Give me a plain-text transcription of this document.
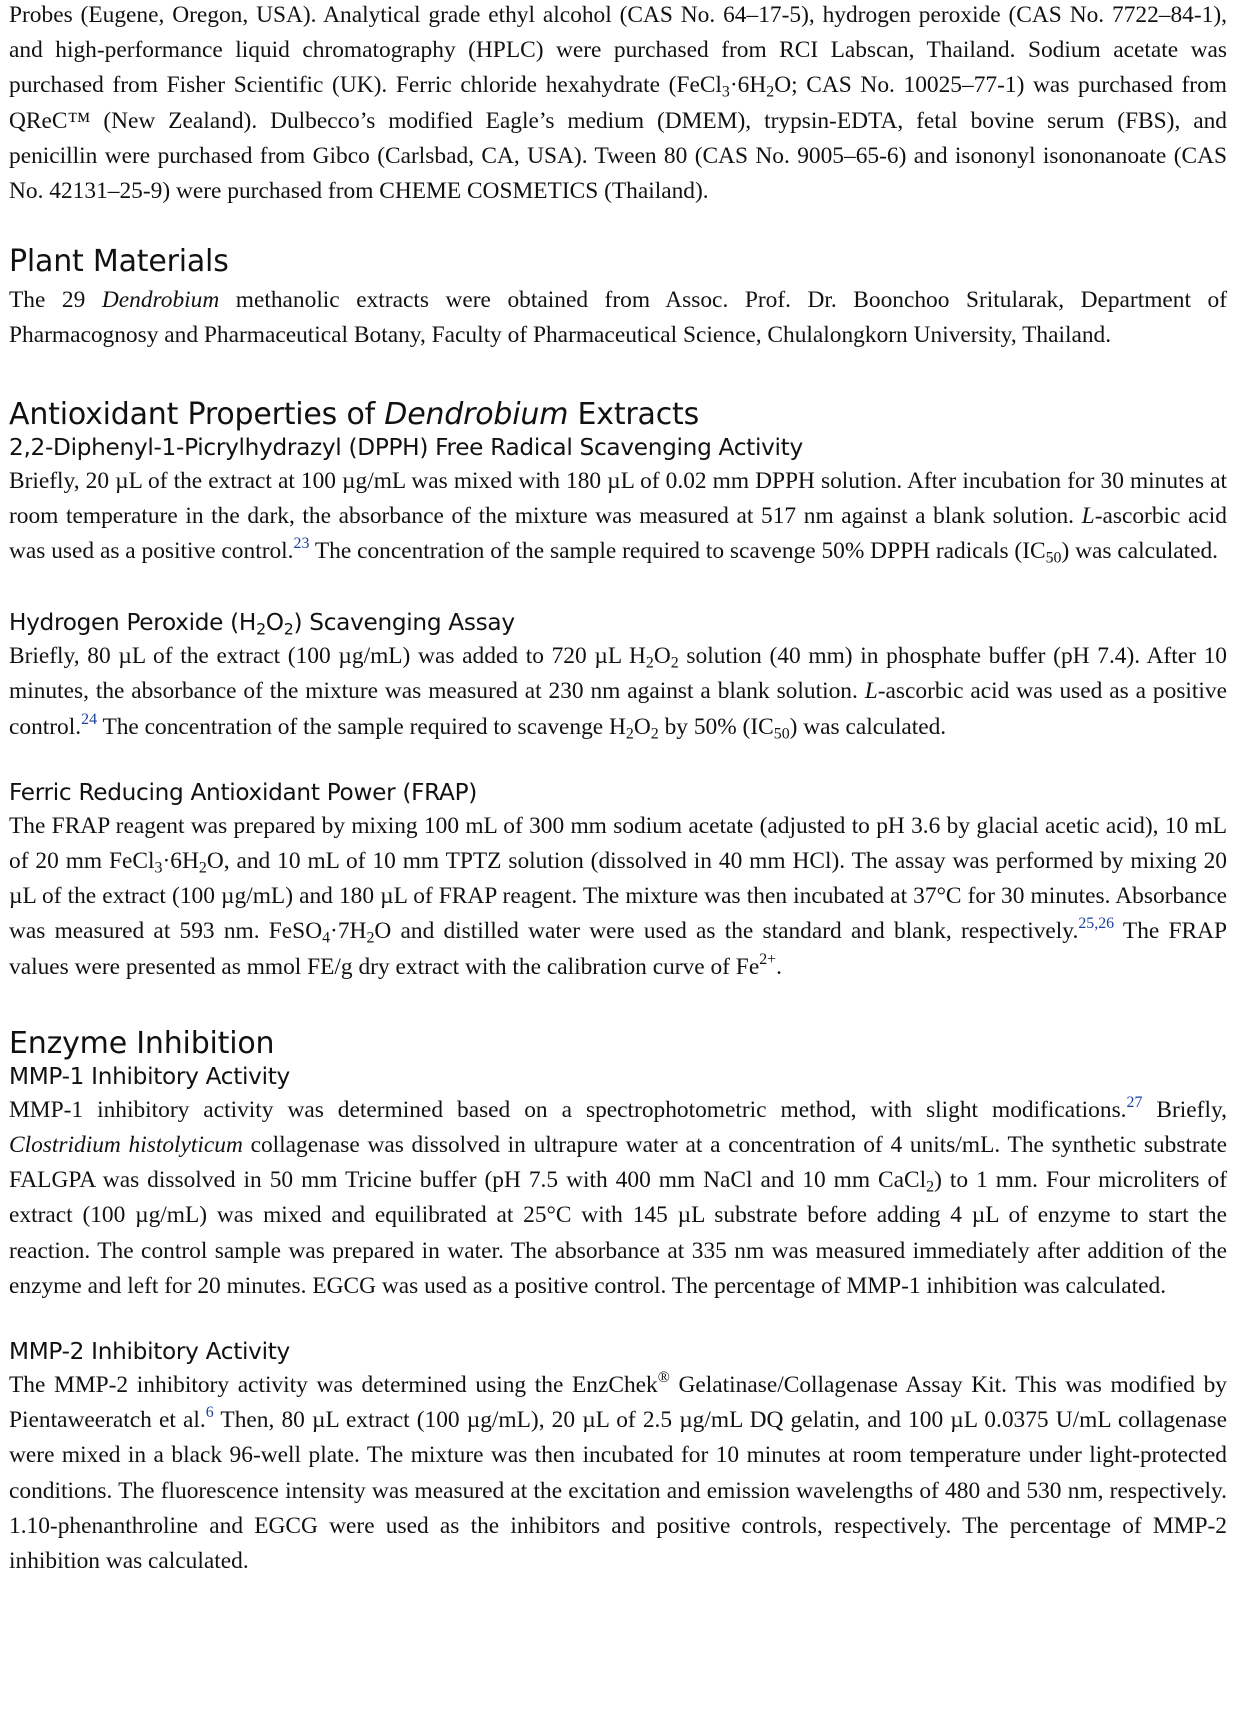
Probes (Eugene, Oregon, USA). Analytical grade ethyl alcohol (CAS No. 64–17-5), hydrogen peroxide (CAS No. 7722–84-1), and high-performance liquid chromatography (HPLC) were purchased from RCI Labscan, Thailand. Sodium acetate was purchased from Fisher Scientific (UK). Ferric chloride hexahydrate ($FeCl_3\cdot 6H_2O$; CAS No. 10025–77-1) was purchased from QReC™ (New Zealand). Dulbecco’s modified Eagle’s medium (DMEM), trypsin-EDTA, fetal bovine serum (FBS), and penicillin were purchased from Gibco (Carlsbad, CA, USA). Tween 80 (CAS No. 9005–65-6) and isononyl isononanoate (CAS No. 42131–25-9) were purchased from CHEME COSMETICS (Thailand).

Plant Materials

The 29 Dendrobium methanolic extracts were obtained from Assoc. Prof. Dr. Boonchoo Sritularak, Department of Pharmacognosy and Pharmaceutical Botany, Faculty of Pharmaceutical Science, Chulalongkorn University, Thailand.

Antioxidant Properties of Dendrobium Extracts
2,2-Diphenyl-1-Picrylhydrazyl (DPPH) Free Radical Scavenging Activity

Briefly, 20 µL of the extract at 100 µg/mL was mixed with 180 µL of 0.02 mm DPPH solution. After incubation for 30 minutes at room temperature in the dark, the absorbance of the mixture was measured at 517 nm against a blank solution. L-ascorbic acid was used as a positive control.$^{23}$ The concentration of the sample required to scavenge 50% DPPH radicals $(IC_{50})$ was calculated.

Hydrogen Peroxide $(H_2O_2)$ Scavenging Assay

Briefly, 80 µL of the extract (100 µg/mL) was added to 720 µL $H_2O_2$ solution (40 mm) in phosphate buffer (pH 7.4). After 10 minutes, the absorbance of the mixture was measured at 230 nm against a blank solution. L-ascorbic acid was used as a positive control.$^{24}$ The concentration of the sample required to scavenge $H_2O_2$ by 50% $(IC_{50})$ was calculated.

Ferric Reducing Antioxidant Power (FRAP)

The FRAP reagent was prepared by mixing 100 mL of 300 mm sodium acetate (adjusted to pH 3.6 by glacial acetic acid), 10 mL of 20 mm $FeCl_3\cdot 6H_2O$, and 10 mL of 10 mm TPTZ solution (dissolved in 40 mm HCl). The assay was performed by mixing 20 µL of the extract (100 µg/mL) and 180 µL of FRAP reagent. The mixture was then incubated at 37°C for 30 minutes. Absorbance was measured at 593 nm. $FeSO_4\cdot 7H_2O$ and distilled water were used as the standard and blank, respectively.$^{25,26}$ The FRAP values were presented as mmol FE/g dry extract with the calibration curve of $Fe^{2+}$.

Enzyme Inhibition
MMP-1 Inhibitory Activity

MMP-1 inhibitory activity was determined based on a spectrophotometric method, with slight modifications.$^{27}$ Briefly, Clostridium histolyticum collagenase was dissolved in ultrapure water at a concentration of 4 units/mL. The synthetic substrate FALGPA was dissolved in 50 mm Tricine buffer (pH 7.5 with 400 mm NaCl and 10 mm CaCl$_2$) to 1 mm. Four microliters of extract (100 µg/mL) was mixed and equilibrated at 25°C with 145 µL substrate before adding 4 µL of enzyme to start the reaction. The control sample was prepared in water. The absorbance at 335 nm was measured immediately after addition of the enzyme and left for 20 minutes. EGCG was used as a positive control. The percentage of MMP-1 inhibition was calculated.

MMP-2 Inhibitory Activity

The MMP-2 inhibitory activity was determined using the EnzChek® Gelatinase/Collagenase Assay Kit. This was modified by Pientaweeratch et al.$^6$ Then, 80 µL extract (100 µg/mL), 20 µL of 2.5 µg/mL DQ gelatin, and 100 µL 0.0375 U/mL collagenase were mixed in a black 96-well plate. The mixture was then incubated for 10 minutes at room temperature under light-protected conditions. The fluorescence intensity was measured at the excitation and emission wavelengths of 480 and 530 nm, respectively. 1.10-phenanthroline and EGCG were used as the inhibitors and positive controls, respectively. The percentage of MMP-2 inhibition was calculated.
